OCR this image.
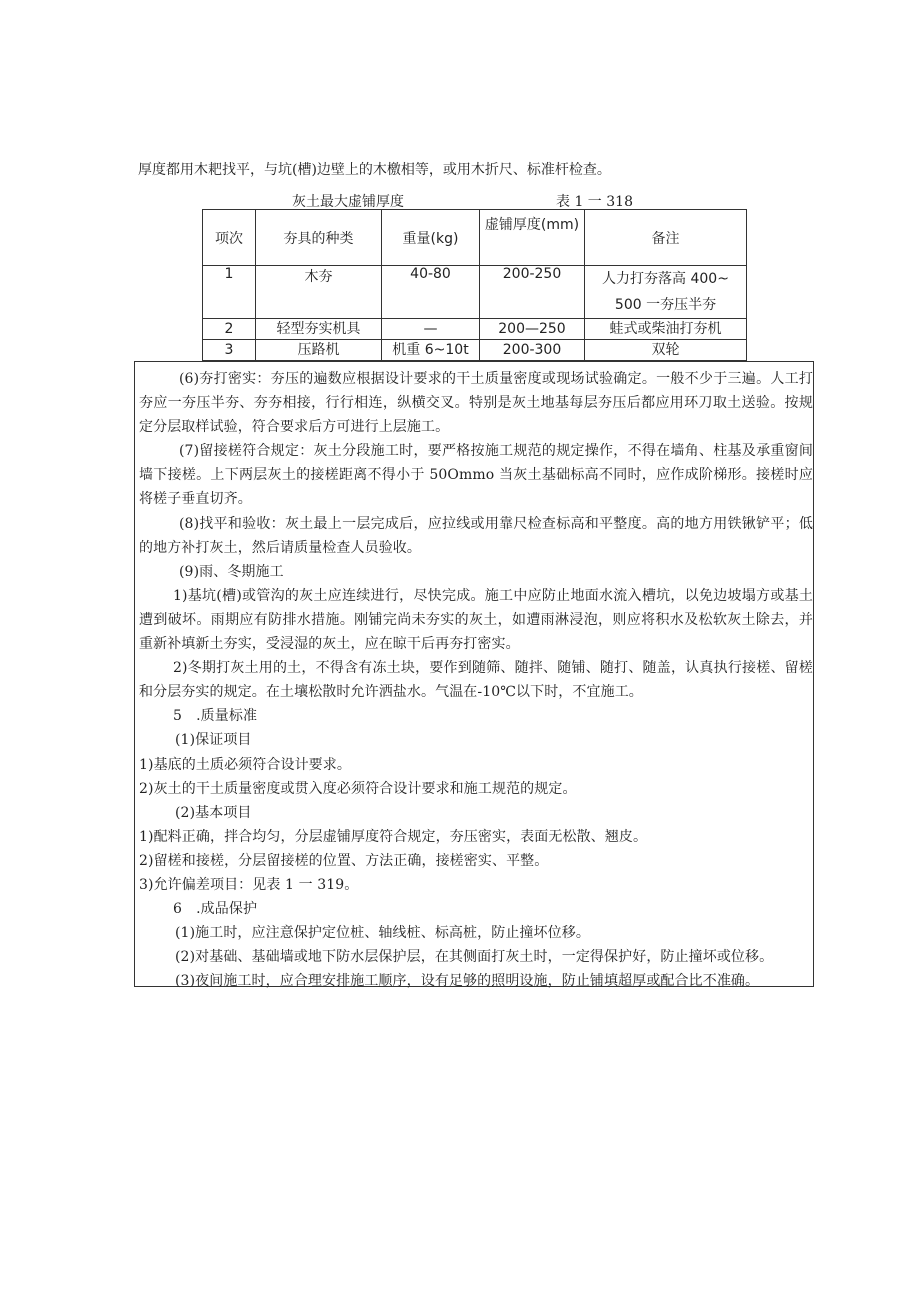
厚度都用木耙找平，与坑(槽)边壁上的木檄相等，或用木折尺、标准杆检查。
灰土最大虚铺厚度	表 1 一 318
项次	夯具的种类	重量(kg)	虚铺厚度(mm)	备注
1	木夯	40-80	200-250	人力打夯落高 400~
500 一夯压半夯

2	轻型夯实机具	—	200—250	蛙式或柴油打夯机
3	压路机	机重 6~10t	200-300	双轮

(6)夯打密实：夯压的遍数应根据设计要求的干土质量密度或现场试验确定。一般不少于三遍。人工打夯应一夯压半夯、夯夯相接，行行相连，纵横交叉。特别是灰土地基每层夯压后都应用环刀取土送验。按规定分层取样试验，符合要求后方可进行上层施工。

(7)留接槎符合规定：灰土分段施工时，要严格按施工规范的规定操作，不得在墙角、柱基及承重窗间墙下接槎。上下两层灰土的接槎距离不得小于 50Ommo 当灰土基础标高不同时，应作成阶梯形。接槎时应将槎子垂直切齐。

(8)找平和验收：灰土最上一层完成后，应拉线或用靠尺检查标高和平整度。高的地方用铁锹铲平；低的地方补打灰土，然后请质量检查人员验收。

(9)雨、冬期施工

1)基坑(槽)或管沟的灰土应连续进行，尽快完成。施工中应防止地面水流入槽坑，以免边坡塌方或基土遭到破坏。雨期应有防排水措施。刚铺完尚未夯实的灰土，如遭雨淋浸泡，则应将积水及松软灰土除去，并重新补填新土夯实，受浸湿的灰土，应在晾干后再夯打密实。

2)冬期打灰土用的土，不得含有冻土块，要作到随筛、随拌、随铺、随打、随盖，认真执行接槎、留槎和分层夯实的规定。在土壤松散时允许洒盐水。气温在-10℃以下时，不宜施工。

5　.质量标准

(1)保证项目

1)基底的土质必须符合设计要求。

2)灰土的干土质量密度或贯入度必须符合设计要求和施工规范的规定。

(2)基本项目

1)配料正确，拌合均匀，分层虚铺厚度符合规定，夯压密实，表面无松散、翘皮。

2)留槎和接槎，分层留接槎的位置、方法正确，接槎密实、平整。

3)允许偏差项目：见表 1 一 319。

6　.成品保护

(1)施工时，应注意保护定位桩、轴线桩、标高桩，防止撞坏位移。

(2)对基础、基础墙或地下防水层保护层，在其侧面打灰土时，一定得保护好，防止撞坏或位移。

(3)夜间施工时，应合理安排施工顺序，设有足够的照明设施，防止铺填超厚或配合比不准确。
